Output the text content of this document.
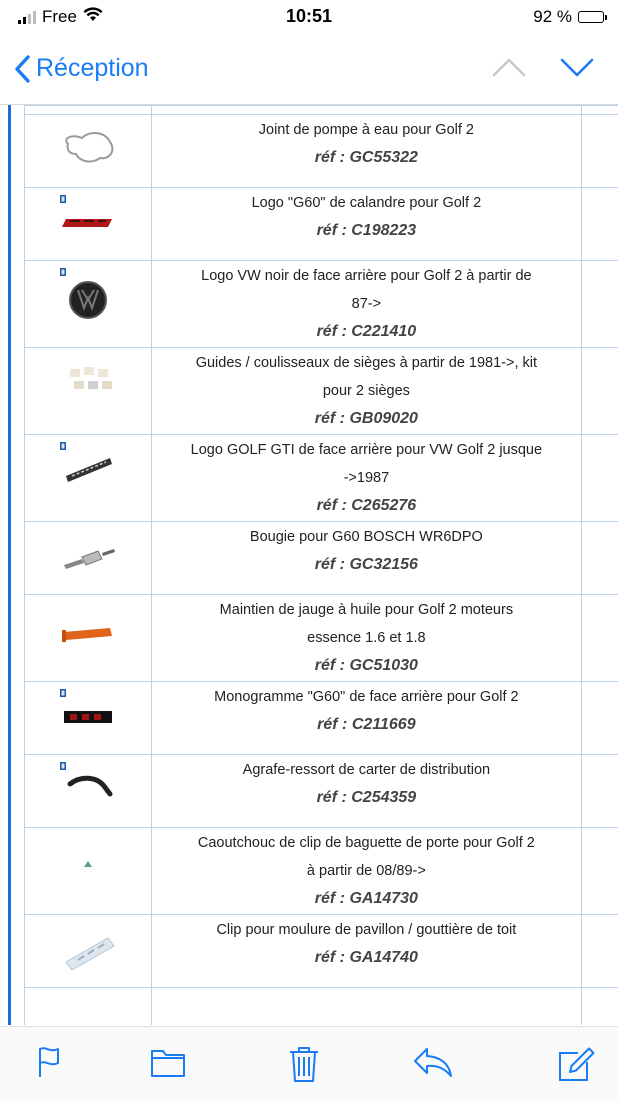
Free	10:51	92 %
Réception

Joint de pompe à eau pour Golf 2
réf : GC55322	

Logo "G60" de calandre pour Golf 2
réf : C198223	

Logo VW noir de face arrière pour Golf 2 à partir de
87->
réf : C221410	

Guides / coulisseaux de sièges à partir de 1981->, kit
pour 2 sièges
réf : GB09020	

Logo GOLF GTI de face arrière pour VW Golf 2 jusque
->1987
réf : C265276	

Bougie pour G60 BOSCH WR6DPO
réf : GC32156	

Maintien de jauge à huile pour Golf 2 moteurs
essence 1.6 et 1.8
réf : GC51030	

Monogramme "G60" de face arrière pour Golf 2
réf : C211669	

Agrafe-ressort de carter de distribution
réf : C254359	

Caoutchouc de clip de baguette de porte pour Golf 2
à partir de 08/89->
réf : GA14730	

Clip pour moulure de pavillon / gouttière de toit
réf : GA14740	
